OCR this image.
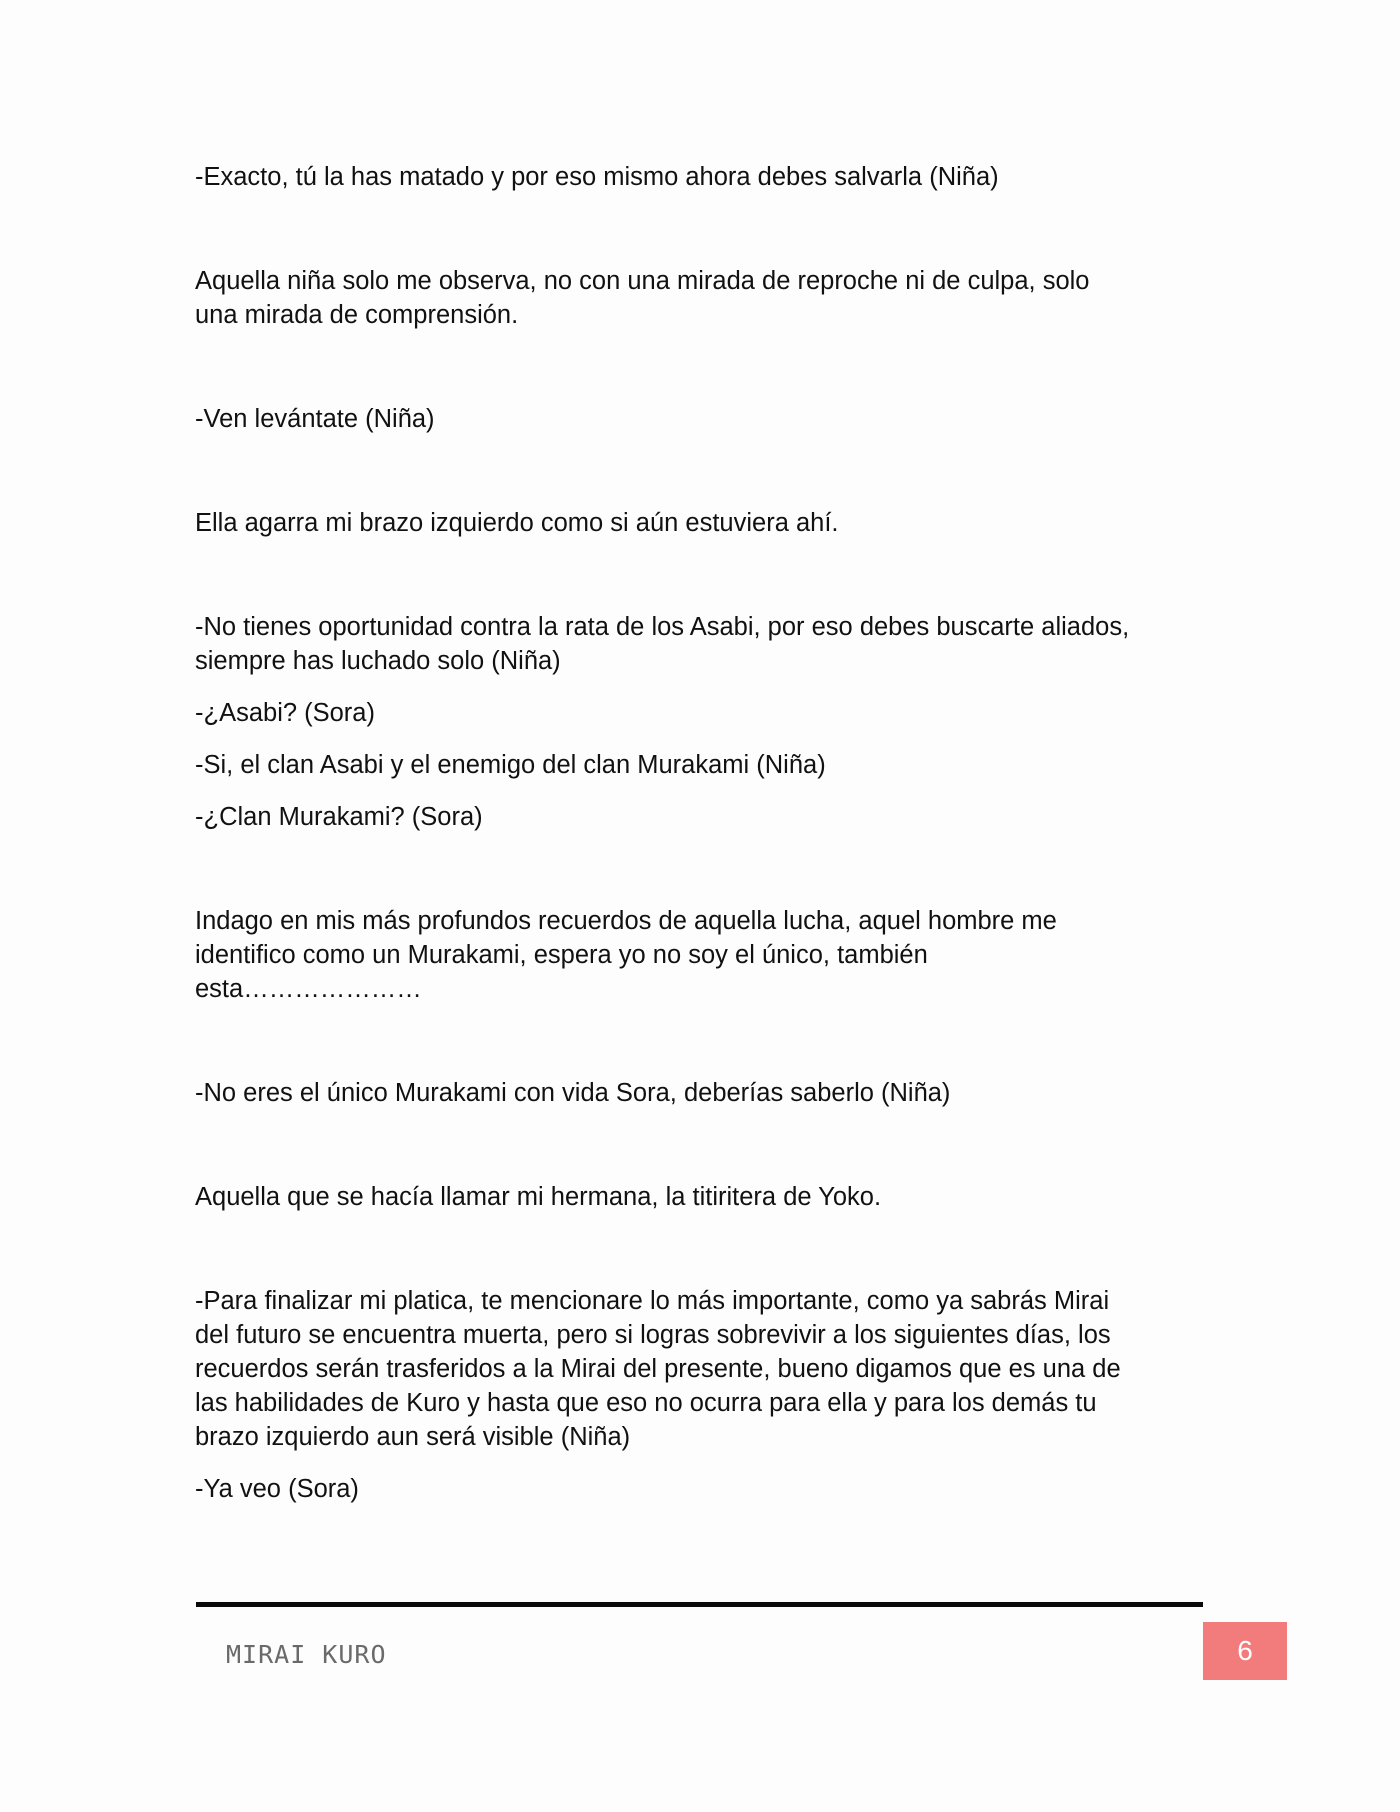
-Exacto, tú la has matado y por eso mismo ahora debes salvarla (Niña)

Aquella niña solo me observa, no con una mirada de reproche ni de culpa, solo
una mirada de comprensión.

-Ven levántate (Niña)

Ella agarra mi brazo izquierdo como si aún estuviera ahí.

-No tienes oportunidad contra la rata de los Asabi, por eso debes buscarte aliados,
siempre has luchado solo (Niña)

-¿Asabi? (Sora)

-Si, el clan Asabi y el enemigo del clan Murakami (Niña)

-¿Clan Murakami? (Sora)

Indago en mis más profundos recuerdos de aquella lucha, aquel hombre me
identifico como un Murakami, espera yo no soy el único, también
esta…………………

-No eres el único Murakami con vida Sora, deberías saberlo (Niña)

Aquella que se hacía llamar mi hermana, la titiritera de Yoko.

-Para finalizar mi platica, te mencionare lo más importante, como ya sabrás Mirai
del futuro se encuentra muerta, pero si logras sobrevivir a los siguientes días, los
recuerdos serán trasferidos a la Mirai del presente, bueno digamos que es una de
las habilidades de Kuro y hasta que eso no ocurra para ella y para los demás tu
brazo izquierdo aun será visible (Niña)

-Ya veo (Sora)

MIRAI KURO	6
